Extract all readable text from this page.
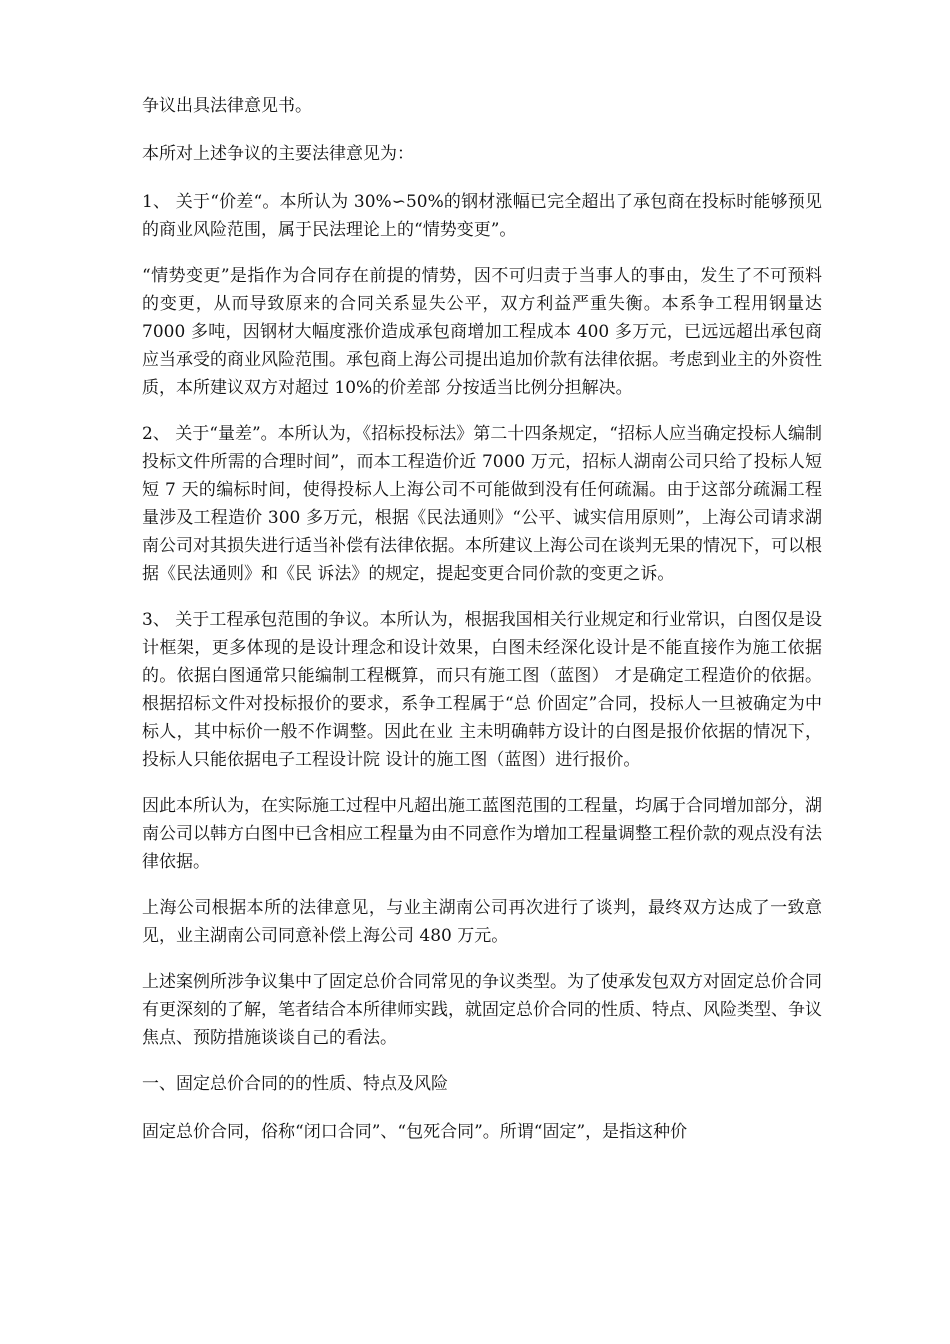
争议出具法律意见书。

本所对上述争议的主要法律意见为：

1、 关于“价差“。本所认为 30%∽50%的钢材涨幅已完全超出了承包商在投标时能够预见的商业风险范围，属于民法理论上的“情势变更”。

“情势变更”是指作为合同存在前提的情势，因不可归责于当事人的事由，发生了不可预料的变更，从而导致原来的合同关系显失公平，双方利益严重失衡。本系争工程用钢量达 7000 多吨，因钢材大幅度涨价造成承包商增加工程成本 400 多万元，已远远超出承包商应当承受的商业风险范围。承包商上海公司提出追加价款有法律依据。考虑到业主的外资性质，本所建议双方对超过 10%的价差部 分按适当比例分担解决。

2、 关于“量差”。本所认为，《招标投标法》第二十四条规定，“招标人应当确定投标人编制投标文件所需的合理时间”，而本工程造价近 7000 万元，招标人湖南公司只给了投标人短短 7 天的编标时间，使得投标人上海公司不可能做到没有任何疏漏。由于这部分疏漏工程量涉及工程造价 300 多万元，根据《民法通则》“公平、诚实信用原则”，上海公司请求湖南公司对其损失进行适当补偿有法律依据。本所建议上海公司在谈判无果的情况下，可以根据《民法通则》和《民 诉法》的规定，提起变更合同价款的变更之诉。

3、 关于工程承包范围的争议。本所认为，根据我国相关行业规定和行业常识，白图仅是设计框架，更多体现的是设计理念和设计效果，白图未经深化设计是不能直接作为施工依据的。依据白图通常只能编制工程概算，而只有施工图（蓝图） 才是确定工程造价的依据。根据招标文件对投标报价的要求，系争工程属于“总 价固定”合同，投标人一旦被确定为中标人，其中标价一般不作调整。因此在业 主未明确韩方设计的白图是报价依据的情况下，投标人只能依据电子工程设计院 设计的施工图（蓝图）进行报价。

因此本所认为，在实际施工过程中凡超出施工蓝图范围的工程量，均属于合同增加部分，湖南公司以韩方白图中已含相应工程量为由不同意作为增加工程量调整工程价款的观点没有法律依据。

上海公司根据本所的法律意见，与业主湖南公司再次进行了谈判，最终双方达成了一致意见，业主湖南公司同意补偿上海公司 480 万元。

上述案例所涉争议集中了固定总价合同常见的争议类型。为了使承发包双方对固定总价合同有更深刻的了解，笔者结合本所律师实践，就固定总价合同的性质、特点、风险类型、争议焦点、预防措施谈谈自己的看法。

一、固定总价合同的的性质、特点及风险

固定总价合同，俗称“闭口合同”、“包死合同”。所谓“固定”，是指这种价
